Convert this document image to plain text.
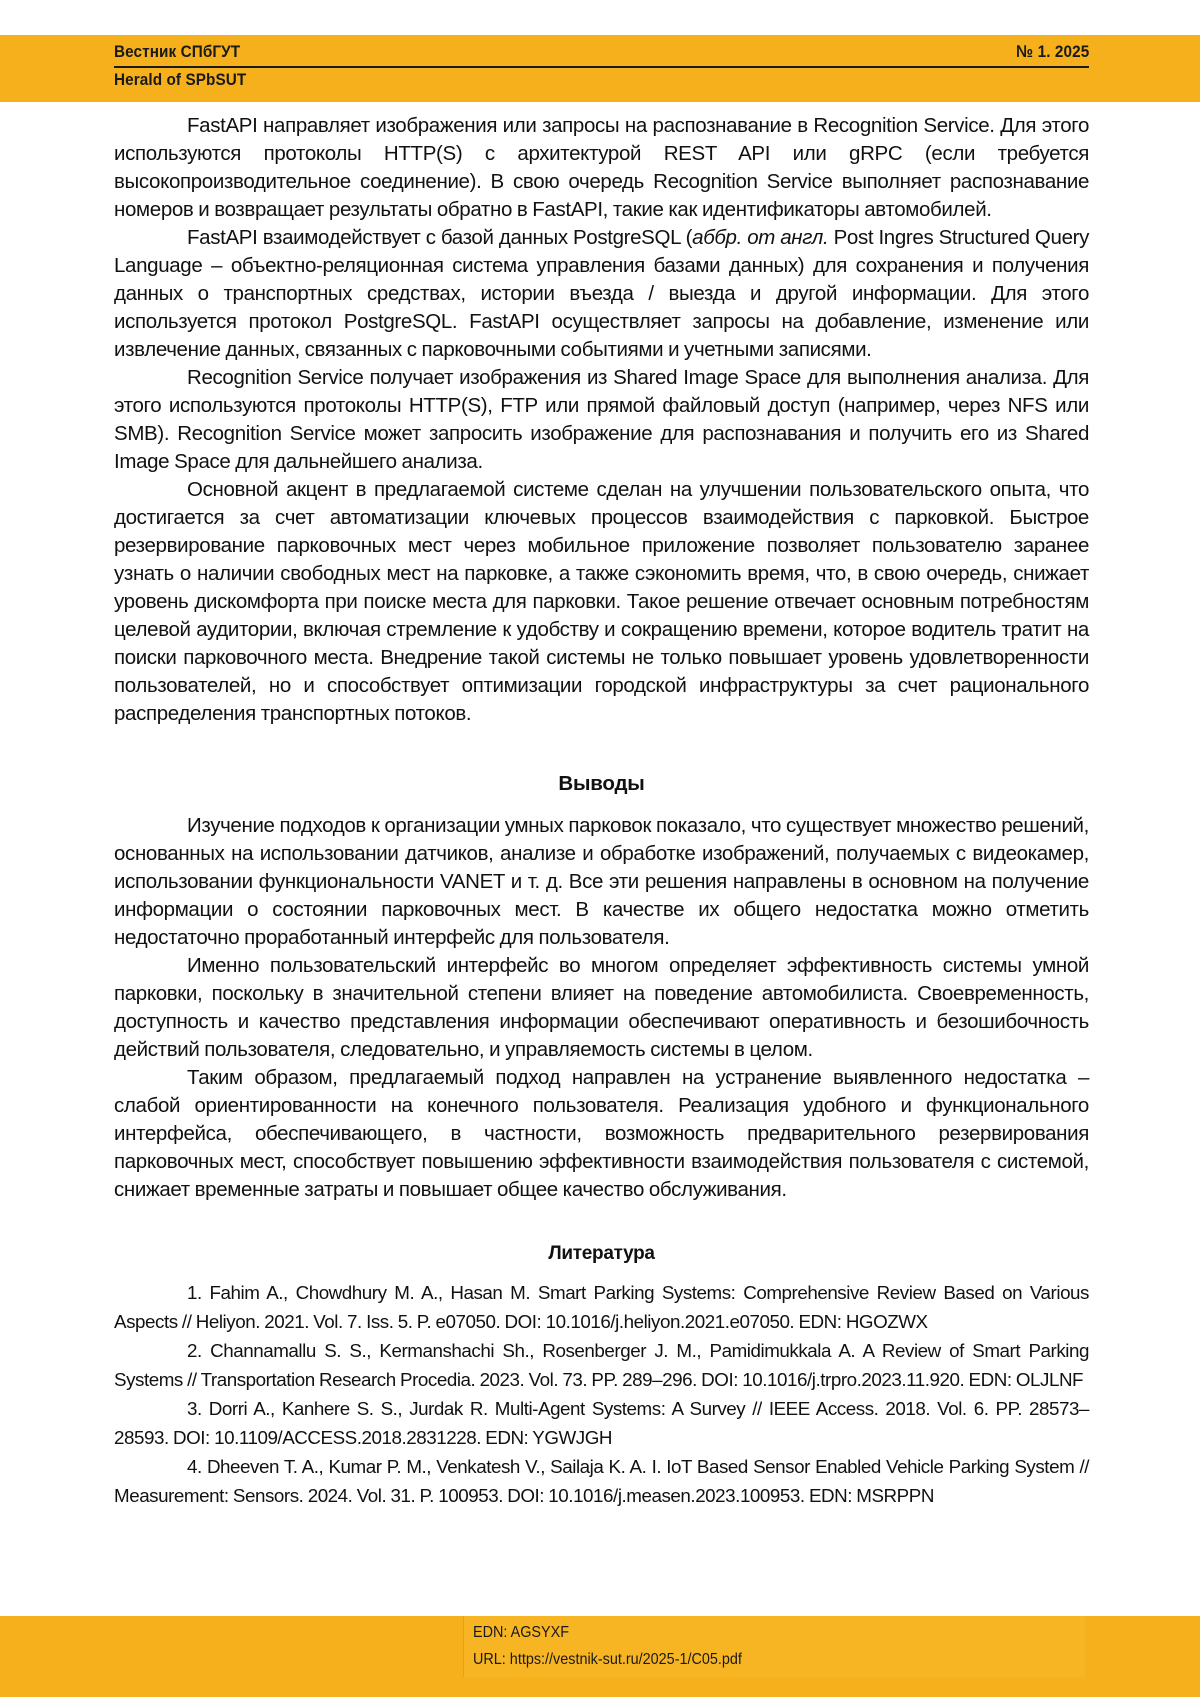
Вестник СПбГУТ
Herald of SPbSUT
№ 1. 2025

FastAPI направляет изображения или запросы на распознавание в Recognition Service. Для этого используются протоколы HTTP(S) с архитектурой REST API или gRPC (если требуется высокопроизводительное соединение). В свою очередь Recognition Service выполняет распознавание номеров и возвращает результаты обратно в FastAPI, такие как идентификаторы автомобилей.

FastAPI взаимодействует с базой данных PostgreSQL (аббр. от англ. Post Ingres Structured Query Language – объектно-реляционная система управления базами данных) для сохранения и получения данных о транспортных средствах, истории въезда / выезда и другой информации. Для этого используется протокол PostgreSQL. FastAPI осуществляет запросы на добавление, изменение или извлечение данных, связанных с парковочными событиями и учетными записями.

Recognition Service получает изображения из Shared Image Space для выполнения анализа. Для этого используются протоколы HTTP(S), FTP или прямой файловый доступ (например, через NFS или SMB). Recognition Service может запросить изображение для распознавания и получить его из Shared Image Space для дальнейшего анализа.

Основной акцент в предлагаемой системе сделан на улучшении пользовательского опыта, что достигается за счет автоматизации ключевых процессов взаимодействия с парковкой. Быстрое резервирование парковочных мест через мобильное приложение позволяет пользователю заранее узнать о наличии свободных мест на парковке, а также сэкономить время, что, в свою очередь, снижает уровень дискомфорта при поиске места для парковки. Такое решение отвечает основным потребностям целевой аудитории, включая стремление к удобству и сокращению времени, которое водитель тратит на поиски парковочного места. Внедрение такой системы не только повышает уровень удовлетворенности пользователей, но и способствует оптимизации городской инфраструктуры за счет рационального распределения транспортных потоков.

Выводы

Изучение подходов к организации умных парковок показало, что существует множество решений, основанных на использовании датчиков, анализе и обработке изображений, получаемых с видеокамер, использовании функциональности VANET и т. д. Все эти решения направлены в основном на получение информации о состоянии парковочных мест. В качестве их общего недостатка можно отметить недостаточно проработанный интерфейс для пользователя.

Именно пользовательский интерфейс во многом определяет эффективность системы умной парковки, поскольку в значительной степени влияет на поведение автомобилиста. Своевременность, доступность и качество представления информации обеспечивают оперативность и безошибочность действий пользователя, следовательно, и управляемость системы в целом.

Таким образом, предлагаемый подход направлен на устранение выявленного недостатка – слабой ориентированности на конечного пользователя. Реализация удобного и функционального интерфейса, обеспечивающего, в частности, возможность предварительного резервирования парковочных мест, способствует повышению эффективности взаимодействия пользователя с системой, снижает временные затраты и повышает общее качество обслуживания.

Литература

1. Fahim A., Chowdhury M. A., Hasan M. Smart Parking Systems: Comprehensive Review Based on Various Aspects // Heliyon. 2021. Vol. 7. Iss. 5. P. e07050. DOI: 10.1016/j.heliyon.2021.e07050. EDN: HGOZWX

2. Channamallu S. S., Kermanshachi Sh., Rosenberger J. M., Pamidimukkala A. A Review of Smart Parking Systems // Transportation Research Procedia. 2023. Vol. 73. PP. 289–296. DOI: 10.1016/j.trpro.2023.11.920. EDN: OLJLNF

3. Dorri A., Kanhere S. S., Jurdak R. Multi-Agent Systems: A Survey // IEEE Access. 2018. Vol. 6. PP. 28573–28593. DOI: 10.1109/ACCESS.2018.2831228. EDN: YGWJGH

4. Dheeven T. A., Kumar P. M., Venkatesh V., Sailaja K. A. I. IoT Based Sensor Enabled Vehicle Parking System // Measurement: Sensors. 2024. Vol. 31. P. 100953. DOI: 10.1016/j.measen.2023.100953. EDN: MSRPPN

EDN: AGSYXF
URL: https://vestnik-sut.ru/2025-1/C05.pdf
